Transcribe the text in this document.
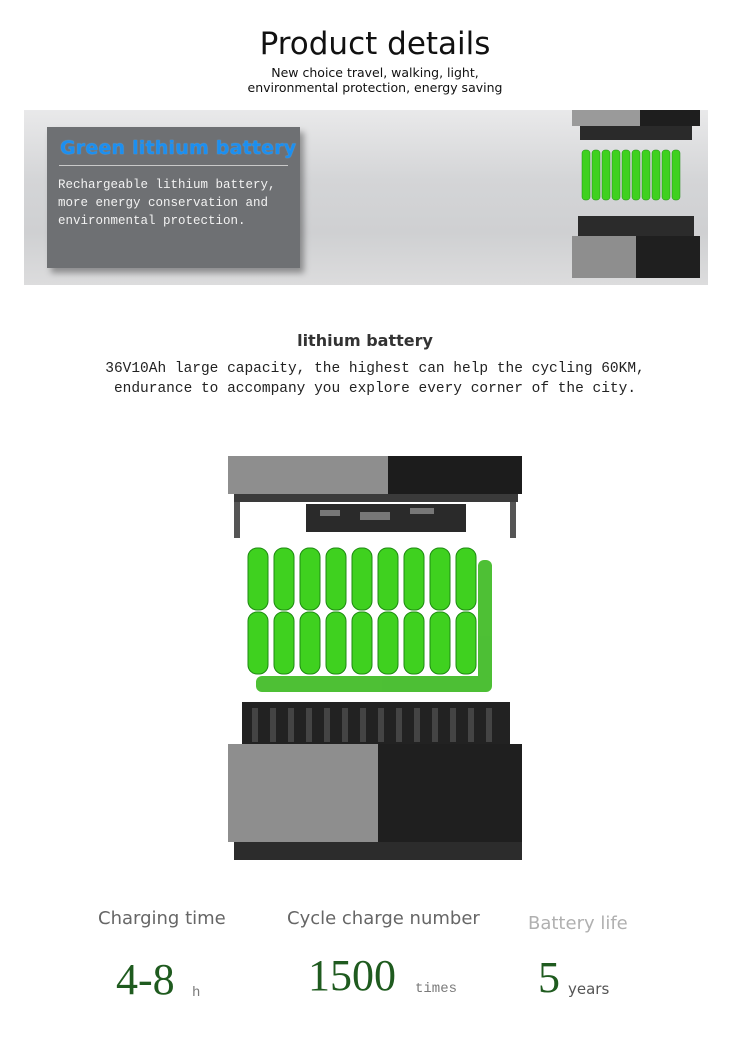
Product details
New choice travel, walking, light,
environmental protection, energy saving
Green lithium battery
Rechargeable lithium battery,
more energy conservation and
environmental protection.
lithium battery
36V10Ah large capacity, the highest can help the cycling 60KM,
endurance to accompany you explore every corner of the city.
Charging time	Cycle charge number	Battery life
4-8 h 1500 times 5 years
